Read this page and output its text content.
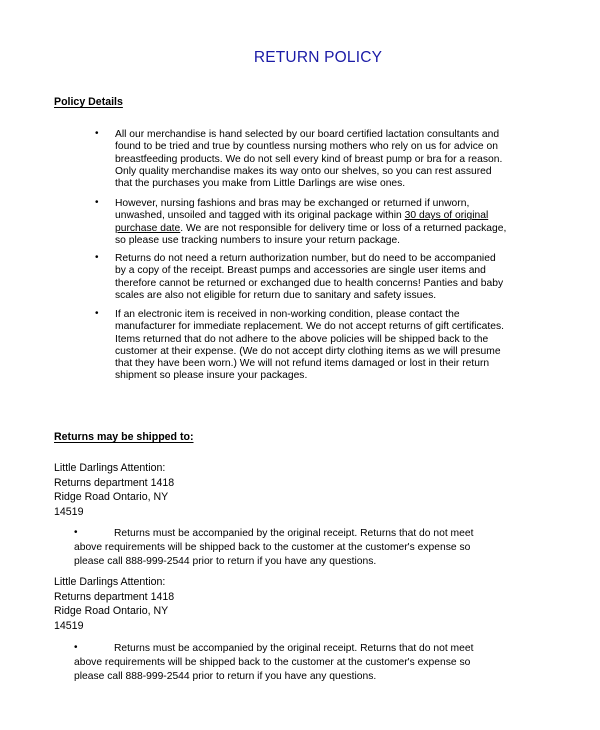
RETURN POLICY
Policy Details
• All our merchandise is hand selected by our board certified lactation consultants and
found to be tried and true by countless nursing mothers who rely on us for advice on
breastfeeding products. We do not sell every kind of breast pump or bra for a reason.
Only quality merchandise makes its way onto our shelves, so you can rest assured
that the purchases you make from Little Darlings are wise ones.
• However, nursing fashions and bras may be exchanged or returned if unworn,
unwashed, unsoiled and tagged with its original package within 30 days of original
purchase date. We are not responsible for delivery time or loss of a returned package,
so please use tracking numbers to insure your return package.
• Returns do not need a return authorization number, but do need to be accompanied
by a copy of the receipt. Breast pumps and accessories are single user items and
therefore cannot be returned or exchanged due to health concerns! Panties and baby
scales are also not eligible for return due to sanitary and safety issues.
• If an electronic item is received in non-working condition, please contact the
manufacturer for immediate replacement. We do not accept returns of gift certificates.
Items returned that do not adhere to the above policies will be shipped back to the
customer at their expense. (We do not accept dirty clothing items as we will presume
that they have been worn.) We will not refund items damaged or lost in their return
shipment so please insure your packages.
Returns may be shipped to:
Little Darlings Attention:
Returns department 1418
Ridge Road Ontario, NY
14519
•	Returns must be accompanied by the original receipt. Returns that do not meet
above requirements will be shipped back to the customer at the customer's expense so
please call 888-999-2544 prior to return if you have any questions.
Little Darlings Attention:
Returns department 1418
Ridge Road Ontario, NY
14519
•	Returns must be accompanied by the original receipt. Returns that do not meet
above requirements will be shipped back to the customer at the customer's expense so
please call 888-999-2544 prior to return if you have any questions.
